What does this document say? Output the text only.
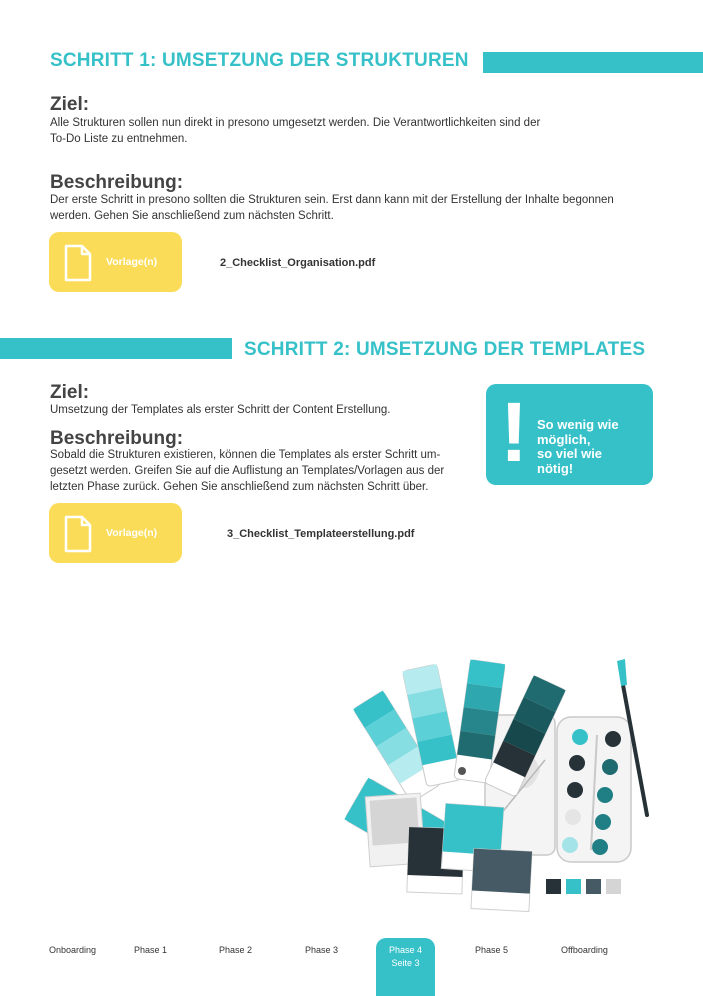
SCHRITT 1: UMSETZUNG DER STRUKTUREN
Ziel:
Alle Strukturen sollen nun direkt in presono umgesetzt werden. Die Verantwortlichkeiten sind der
To-Do Liste zu entnehmen.
Beschreibung:
Der erste Schritt in presono sollten die Strukturen sein. Erst dann kann mit der Erstellung der Inhalte begonnen
werden. Gehen Sie anschließend zum nächsten Schritt.
Vorlage(n)	2_Checklist_Organisation.pdf
SCHRITT 2: UMSETZUNG DER TEMPLATES
Ziel:
Umsetzung der Templates als erster Schritt der Content Erstellung.
Beschreibung:
Sobald die Strukturen existieren, können die Templates als erster Schritt um-
gesetzt werden. Greifen Sie auf die Auflistung an Templates/Vorlagen aus der
letzten Phase zurück. Gehen Sie anschließend zum nächsten Schritt über.
! So wenig wie
möglich,
so viel wie
nötig!
Vorlage(n)	3_Checklist_Templateerstellung.pdf
Onboarding	Phase 1	Phase 2	Phase 3	Phase 4
Seite 3
Phase 5	Offboarding
